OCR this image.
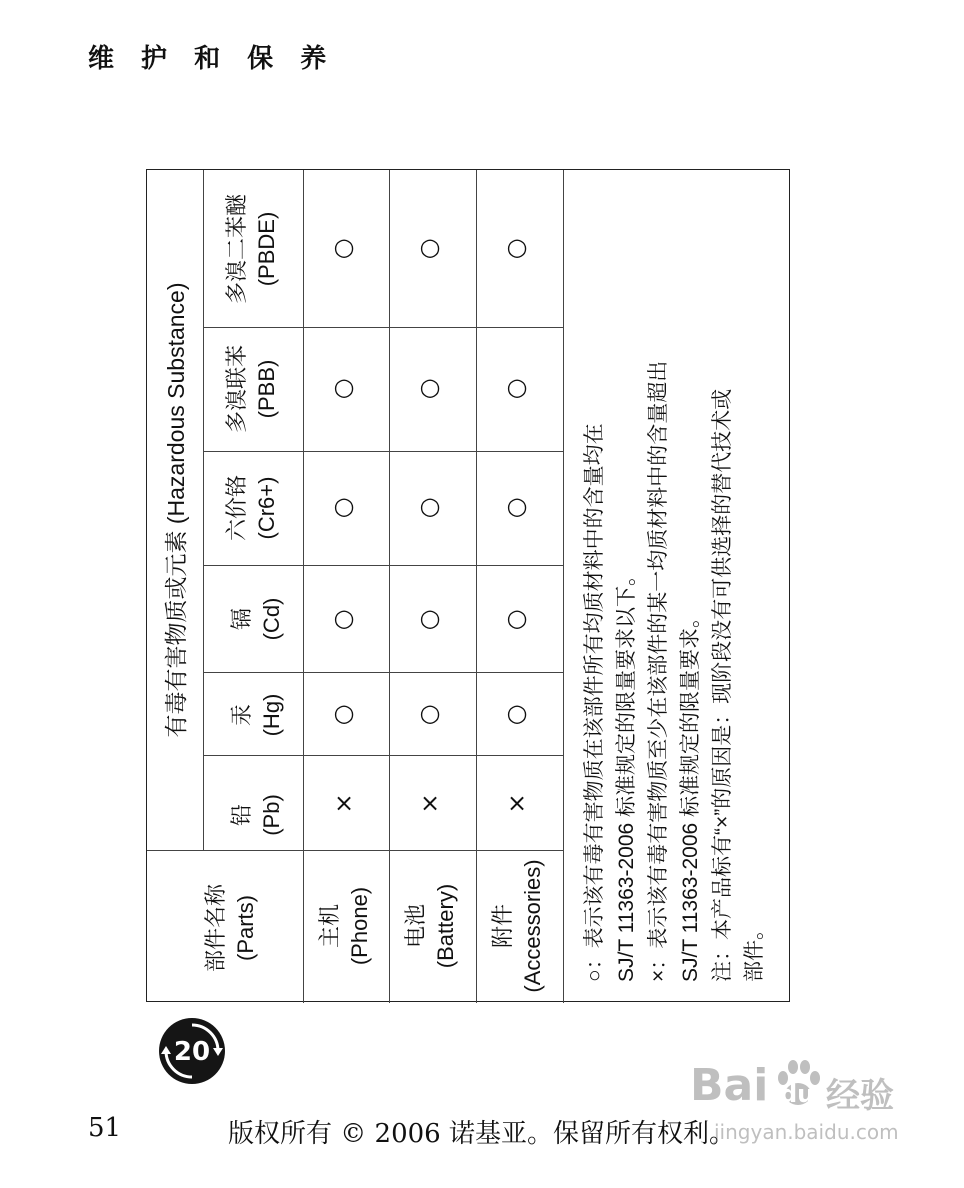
维 护 和 保 养
有毒有害物质或元素 (Hazardous Substance)
部件名称 (Parts)
铅 (Pb)
汞 (Hg)
镉 (Cd)
六价铬 (Cr6+)
多溴联苯 (PBB)
多溴二苯醚 (PBDE)
主机 (Phone) 电池 (Battery) 附件 (Accessories)
×
○
○
○
○
○
×
○
○
○
○
○
×
○
○
○
○
○
○：表示该有毒有害物质在该部件所有均质材料中的含量均在 SJ/T 11363-2006 标准规定的限量要求以下。 ×：表示该有毒有害物质至少在该部件的某一均质材料中的含量超出 SJ/T 11363-2006 标准规定的限量要求。 注：本产品标有“×”的原因是：现阶段没有可供选择的替代技术或 部件。
20
Bai du 经验
jingyan.baidu.com
51	版权所有 © 2006 诺基亚。保留所有权利。
